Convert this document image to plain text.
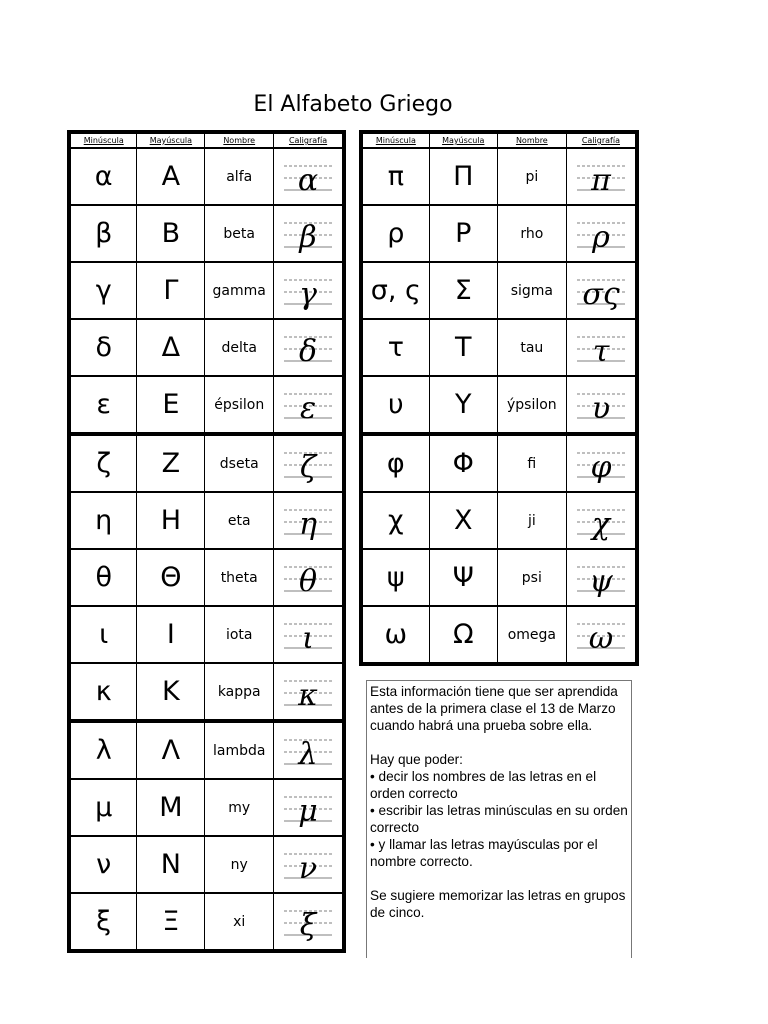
El Alfabeto Griego
Minúscula	Mayúscula	Nombre	Caligrafía
α	Α	alfa	α

β	Β	beta	β

γ	Γ	gamma	γ

δ	Δ	delta	δ

ε	Ε	épsilon	ε

ζ	Ζ	dseta	ζ

η	Η	eta	η

θ	Θ	theta	θ

ι	Ι	iota	ι

κ	Κ	kappa	κ

λ	Λ	lambda	λ

μ	Μ	my	μ

ν	Ν	ny	ν

ξ	Ξ	xi	ξ
Minúscula	Mayúscula	Nombre	Caligrafía
π	Π	pi	π

ρ	Ρ	rho	ρ

σ, ς	Σ	sigma	σς

τ	Τ	tau	τ

υ	Υ	ýpsilon	υ

φ	Φ	fi	φ

χ	Χ	ji	χ

ψ	Ψ	psi	ψ

ω	Ω	omega	ω

Esta información tiene que ser aprendida antes de la primera clase el 13 de Marzo cuando habrá una prueba sobre ella.

Hay que poder:

• decir los nombres de las letras en el orden correcto

• escribir las letras minúsculas en su orden correcto

• y llamar las letras mayúsculas por el nombre correcto.

Se sugiere memorizar las letras en grupos de cinco.
